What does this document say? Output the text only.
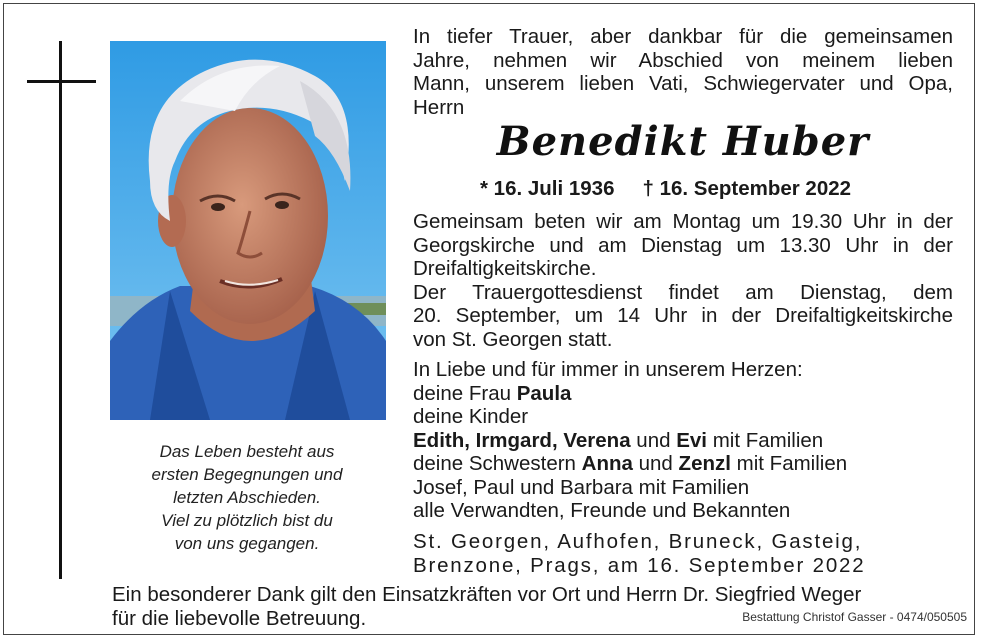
Das Leben besteht aus
ersten Begegnungen und
letzten Abschieden.
Viel zu plötzlich bist du
von uns gegangen.
In tiefer Trauer, aber dankbar für die gemeinsamen
Jahre, nehmen wir Abschied von meinem lieben
Mann, unserem lieben Vati, Schwiegervater und Opa,
Herrn
Benedikt Huber
* 16. Juli 1936 † 16. September 2022
Gemeinsam beten wir am Montag um 19.30 Uhr in der
Georgskirche und am Dienstag um 13.30 Uhr in der
Dreifaltigkeitskirche.
Der Trauergottesdienst findet am Dienstag, dem
20. September, um 14 Uhr in der Dreifaltigkeitskirche
von St. Georgen statt.
In Liebe und für immer in unserem Herzen:
deine Frau Paula
deine Kinder
Edith, Irmgard, Verena und Evi mit Familien
deine Schwestern Anna und Zenzl mit Familien
Josef, Paul und Barbara mit Familien
alle Verwandten, Freunde und Bekannten
St. Georgen, Aufhofen, Bruneck, Gasteig,
Brenzone, Prags, am 16. September 2022
Ein besonderer Dank gilt den Einsatzkräften vor Ort und Herrn Dr. Siegfried Weger
für die liebevolle Betreuung.	Bestattung Christof Gasser - 0474/050505
